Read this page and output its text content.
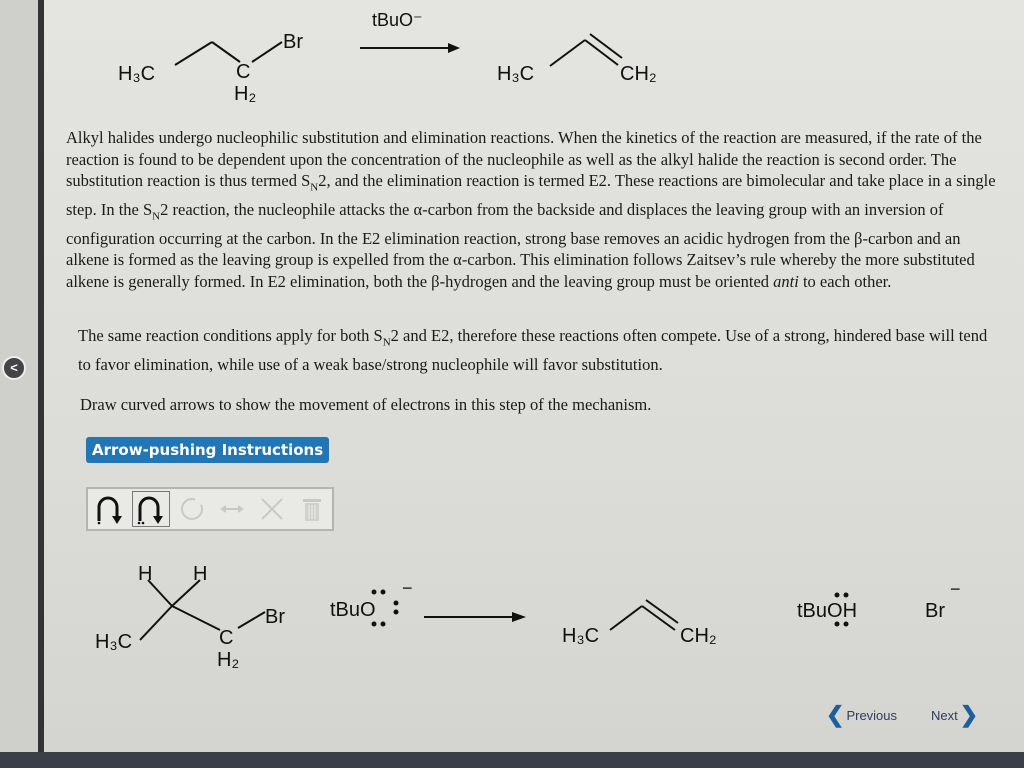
<
H₃C	C
H₂
Br
tBuO⁻
H₃C	CH₂
Alkyl halides undergo nucleophilic substitution and elimination reactions. When the kinetics of the reaction are measured, if the rate of the reaction is found to be dependent upon the concentration of the nucleophile as well as the alkyl halide the reaction is second order. The substitution reaction is thus termed $S_N2$, and the elimination reaction is termed E2. These reactions are bimolecular and take place in a single step. In the $S_N2$ reaction, the nucleophile attacks the α-carbon from the backside and displaces the leaving group with an inversion of configuration occurring at the carbon. In the E2 elimination reaction, strong base removes an acidic hydrogen from the β-carbon and an alkene is formed as the leaving group is expelled from the α-carbon. This elimination follows Zaitsev’s rule whereby the more substituted alkene is generally formed. In E2 elimination, both the β-hydrogen and the leaving group must be oriented anti to each other.
The same reaction conditions apply for both $S_N2$ and E2, therefore these reactions often compete. Use of a strong, hindered base will tend to favor elimination, while use of a weak base/strong nucleophile will favor substitution.
Draw curved arrows to show the movement of electrons in this step of the mechanism.
Arrow-pushing Instructions
H H
H₃C	C
H₂
Br tBuO
−
H₃C	CH₂
tBuOH	Br
−
❮ Previous	Next ❯
